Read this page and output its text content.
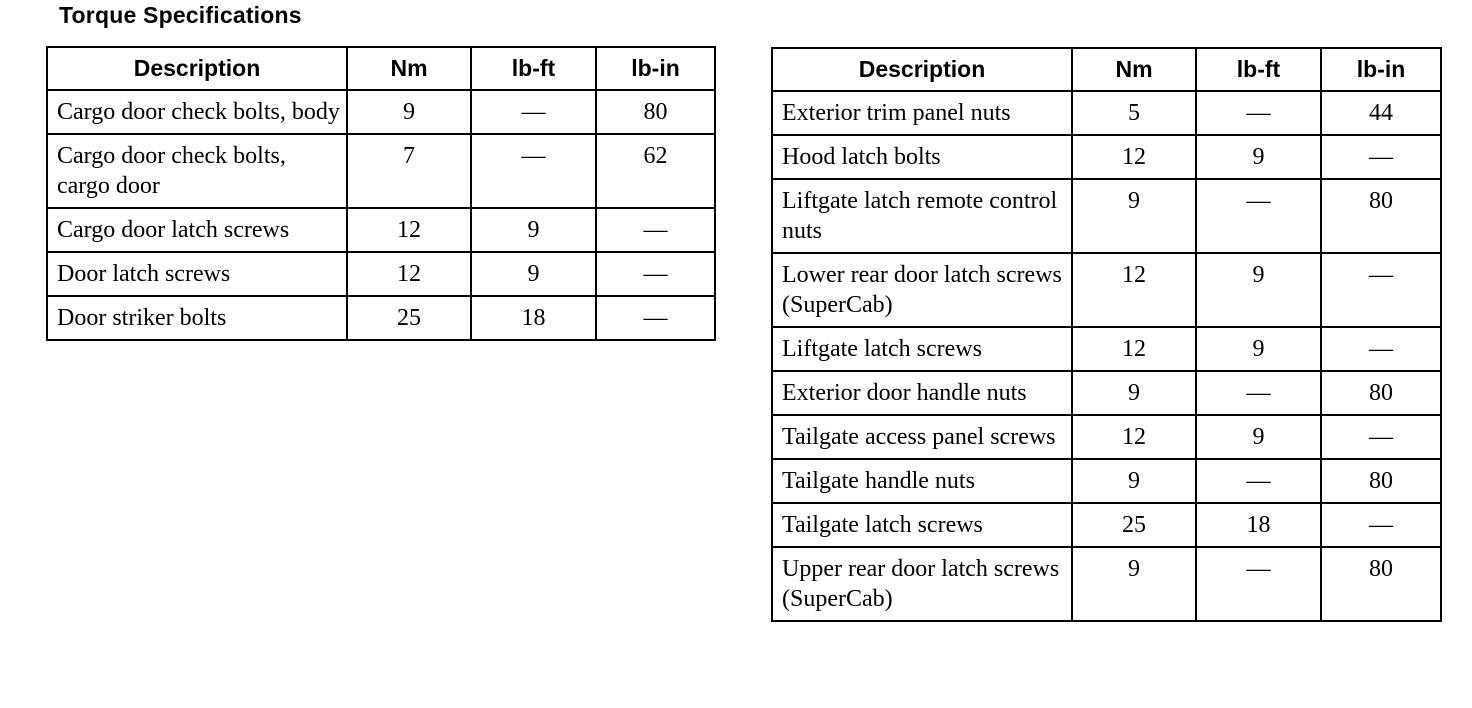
Torque Specifications
Description	Nm	lb-ft	lb-in
Cargo door check bolts, body	9	—	80
Cargo door check bolts, cargo door	7	—	62
Cargo door latch screws	12	9	—
Door latch screws	12	9	—
Door striker bolts	25	18	—
Description	Nm	lb-ft	lb-in
Exterior trim panel nuts	5	—	44
Hood latch bolts	12	9	—
Liftgate latch remote control nuts	9	—	80
Lower rear door latch screws (SuperCab)	12	9	—
Liftgate latch screws	12	9	—
Exterior door handle nuts	9	—	80
Tailgate access panel screws	12	9	—
Tailgate handle nuts	9	—	80
Tailgate latch screws	25	18	—
Upper rear door latch screws (SuperCab)	9	—	80
